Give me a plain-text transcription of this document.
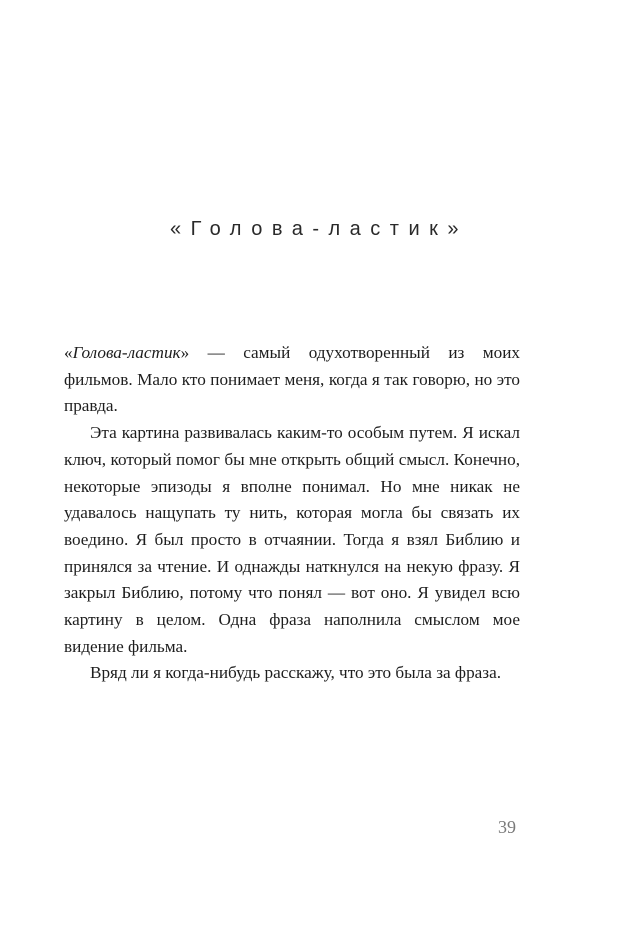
«Голова-ластик»

«Голова-ластик» — самый одухотворенный из моих фильмов. Мало кто понимает меня, когда я так говорю, но это правда.

Эта картина развивалась каким-то особым путем. Я искал ключ, который помог бы мне открыть общий смысл. Конечно, некоторые эпизоды я вполне понимал. Но мне никак не удавалось нащупать ту нить, которая могла бы связать их воедино. Я был просто в отчаянии. Тогда я взял Библию и принялся за чтение. И однажды наткнулся на некую фразу. Я закрыл Библию, потому что понял — вот оно. Я увидел всю картину в целом. Одна фраза наполнила смыслом мое видение фильма.

Вряд ли я когда-нибудь расскажу, что это была за фраза.

39
